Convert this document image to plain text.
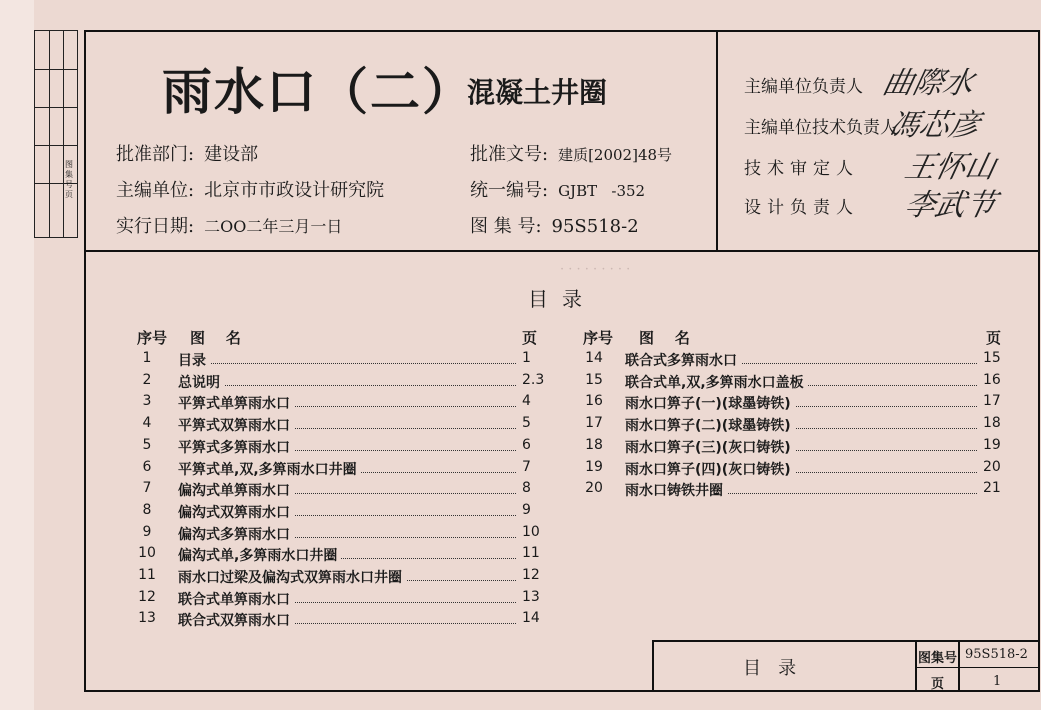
图集号页
雨水口（二）
混凝土井圈
批准部门: 建设部
主编单位: 北京市市政设计研究院
实行日期: 二OO二年三月一日
批准文号: 建质[2002]48号
统一编号: GJBT   -352
图 集 号: 95S518-2
主编单位负责人 曲際水
主编单位技术负责人
馮芯彦
技术审定人 王怀山
设计负责人 李武节
· · · · · · · · ·
目录
序号 图    名	页	序号 图    名	页
1	目录	1
2	总说明	2.3
3	平箅式单箅雨水口	4
4	平箅式双箅雨水口	5
5	平箅式多箅雨水口	6
6	平箅式单,双,多箅雨水口井圈	7
7	偏沟式单箅雨水口	8
8	偏沟式双箅雨水口	9
9	偏沟式多箅雨水口	10
10	偏沟式单,多箅雨水口井圈	11
11	雨水口过梁及偏沟式双箅雨水口井圈	12
12	联合式单箅雨水口	13
13	联合式双箅雨水口	14
14	联合式多箅雨水口	15
15	联合式单,双,多箅雨水口盖板	16
16	雨水口箅子(一)(球墨铸铁)	17
17	雨水口箅子(二)(球墨铸铁)	18
18	雨水口箅子(三)(灰口铸铁)	19
19	雨水口箅子(四)(灰口铸铁)	20
20	雨水口铸铁井圈	21
目   录	图集号 95S518-2
页	1
